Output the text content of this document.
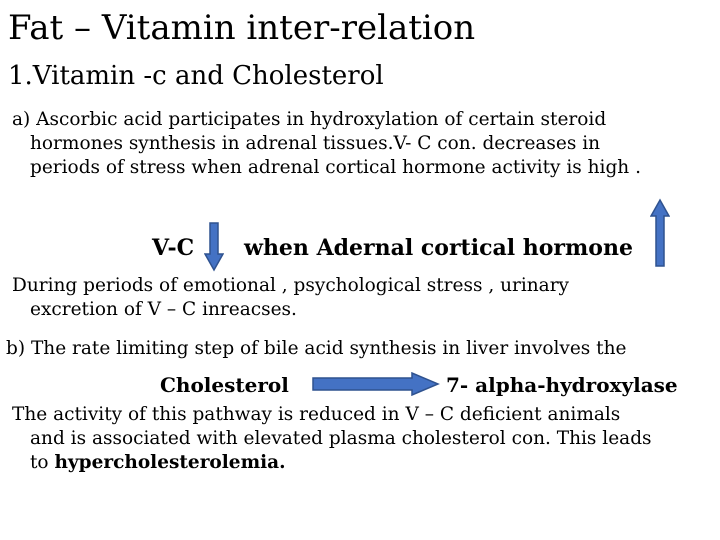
Fat – Vitamin inter-relation
1.Vitamin -c and Cholesterol
a) Ascorbic acid participates in hydroxylation of certain steroid
hormones synthesis in adrenal tissues.V- C con. decreases in
periods of stress when adrenal cortical hormone activity is high .
V-C when Adernal cortical hormone
During periods of emotional , psychological stress , urinary
excretion of V – C inreacses.
b) The rate limiting step of bile acid synthesis in liver involves the
Cholesterol	7- alpha-hydroxylase
The activity of this pathway is reduced in V – C deficient animals
and is associated with elevated plasma cholesterol con. This leads
to hypercholesterolemia.
